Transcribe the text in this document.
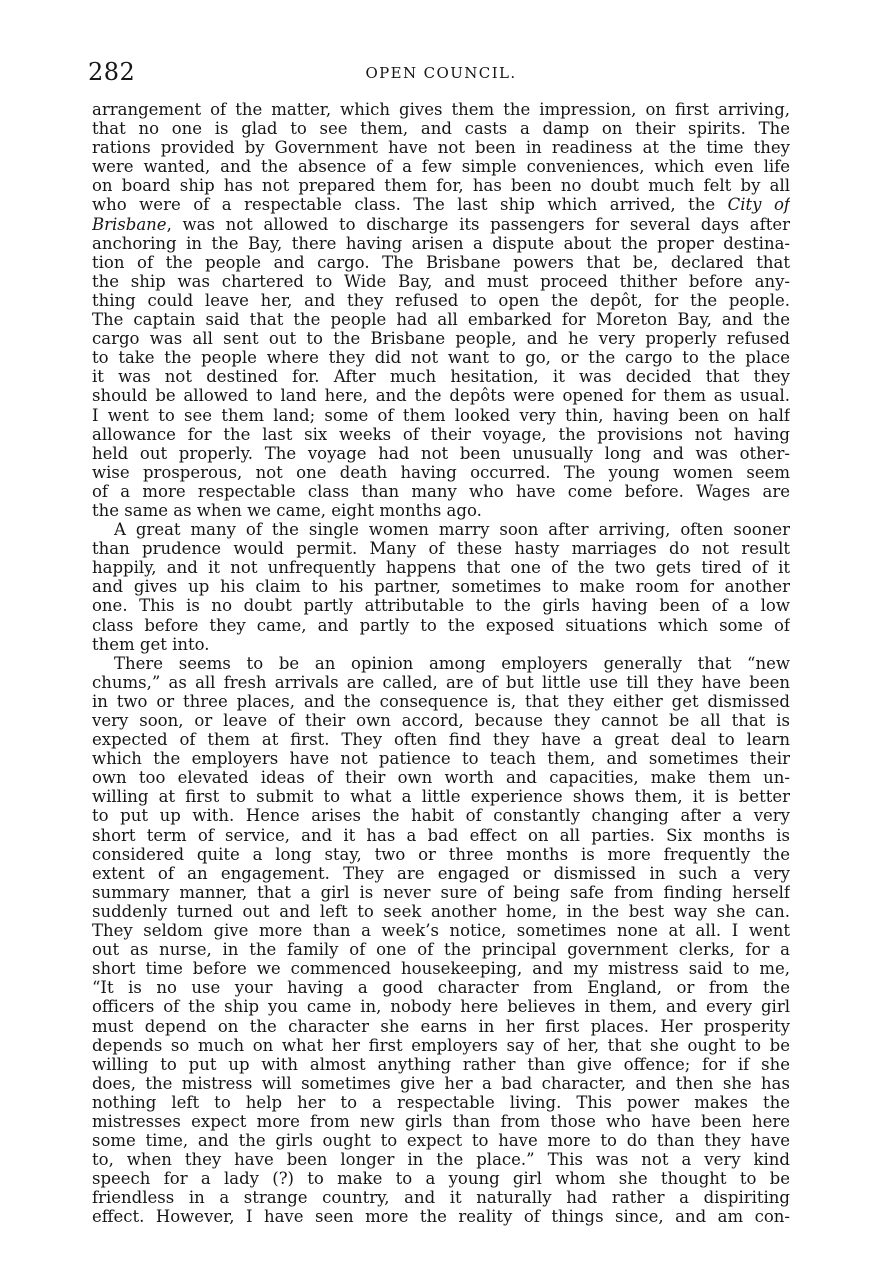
282	OPEN COUNCIL.
arrangement of the matter, which gives them the impression, on first arriving,
that no one is glad to see them, and casts a damp on their spirits. The
rations provided by Government have not been in readiness at the time they
were wanted, and the absence of a few simple conveniences, which even life
on board ship has not prepared them for, has been no doubt much felt by all
who were of a respectable class. The last ship which arrived, the City of
Brisbane, was not allowed to discharge its passengers for several days after
anchoring in the Bay, there having arisen a dispute about the proper destina-
tion of the people and cargo. The Brisbane powers that be, declared that
the ship was chartered to Wide Bay, and must proceed thither before any-
thing could leave her, and they refused to open the depôt, for the people.
The captain said that the people had all embarked for Moreton Bay, and the
cargo was all sent out to the Brisbane people, and he very properly refused
to take the people where they did not want to go, or the cargo to the place
it was not destined for. After much hesitation, it was decided that they
should be allowed to land here, and the depôts were opened for them as usual.
I went to see them land; some of them looked very thin, having been on half
allowance for the last six weeks of their voyage, the provisions not having
held out properly. The voyage had not been unusually long and was other-
wise prosperous, not one death having occurred. The young women seem
of a more respectable class than many who have come before. Wages are
the same as when we came, eight months ago.
A great many of the single women marry soon after arriving, often sooner
than prudence would permit. Many of these hasty marriages do not result
happily, and it not unfrequently happens that one of the two gets tired of it
and gives up his claim to his partner, sometimes to make room for another
one. This is no doubt partly attributable to the girls having been of a low
class before they came, and partly to the exposed situations which some of
them get into.
There seems to be an opinion among employers generally that “new
chums,” as all fresh arrivals are called, are of but little use till they have been
in two or three places, and the consequence is, that they either get dismissed
very soon, or leave of their own accord, because they cannot be all that is
expected of them at first. They often find they have a great deal to learn
which the employers have not patience to teach them, and sometimes their
own too elevated ideas of their own worth and capacities, make them un-
willing at first to submit to what a little experience shows them, it is better
to put up with. Hence arises the habit of constantly changing after a very
short term of service, and it has a bad effect on all parties. Six months is
considered quite a long stay, two or three months is more frequently the
extent of an engagement. They are engaged or dismissed in such a very
summary manner, that a girl is never sure of being safe from finding herself
suddenly turned out and left to seek another home, in the best way she can.
They seldom give more than a week’s notice, sometimes none at all. I went
out as nurse, in the family of one of the principal government clerks, for a
short time before we commenced housekeeping, and my mistress said to me,
“It is no use your having a good character from England, or from the
officers of the ship you came in, nobody here believes in them, and every girl
must depend on the character she earns in her first places. Her prosperity
depends so much on what her first employers say of her, that she ought to be
willing to put up with almost anything rather than give offence; for if she
does, the mistress will sometimes give her a bad character, and then she has
nothing left to help her to a respectable living. This power makes the
mistresses expect more from new girls than from those who have been here
some time, and the girls ought to expect to have more to do than they have
to, when they have been longer in the place.” This was not a very kind
speech for a lady (?) to make to a young girl whom she thought to be
friendless in a strange country, and it naturally had rather a dispiriting
effect. However, I have seen more the reality of things since, and am con-
